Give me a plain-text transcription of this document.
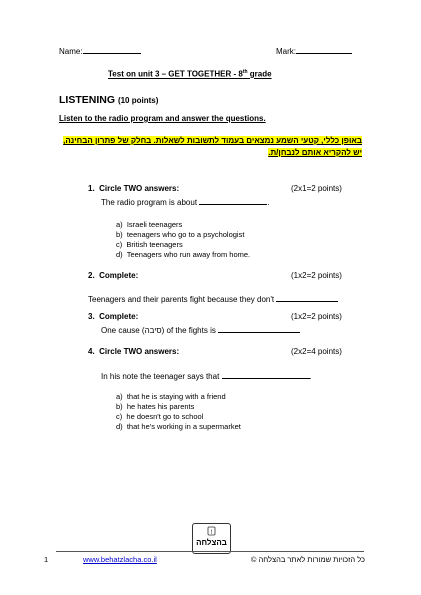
Name:	Mark:
Test on unit 3 – GET TOGETHER - 8th grade
LISTENING (10 points)
Listen to the radio program and answer the questions.
באופן כללי, קטעי השמע נמצאים בעמוד לתשובות לשאלות. בחלק של פתרון הבחינה,
יש להקריא אותם לנבחן/ת.
1. Circle TWO answers:	(2x1=2 points)
The radio program is about	.
a) Israeli teenagers
b) teenagers who go to a psychologist
c) British teenagers
d) Teenagers who run away from home.
2. Complete:	(1x2=2 points)
Teenagers and their parents fight because they don't
3. Complete:	(1x2=2 points)
One cause (סיבה) of the fights is
4. Circle TWO answers:	(2x2=4 points)
In his note the teenager says that	.
a) that he is staying with a friend
b) he hates his parents
c) he doesn't go to school
d) that he's working in a supermarket
!
בהצלחה
1	www.behatzlacha.co.il	כל הזכויות שמורות לאתר בהצלחה ©
